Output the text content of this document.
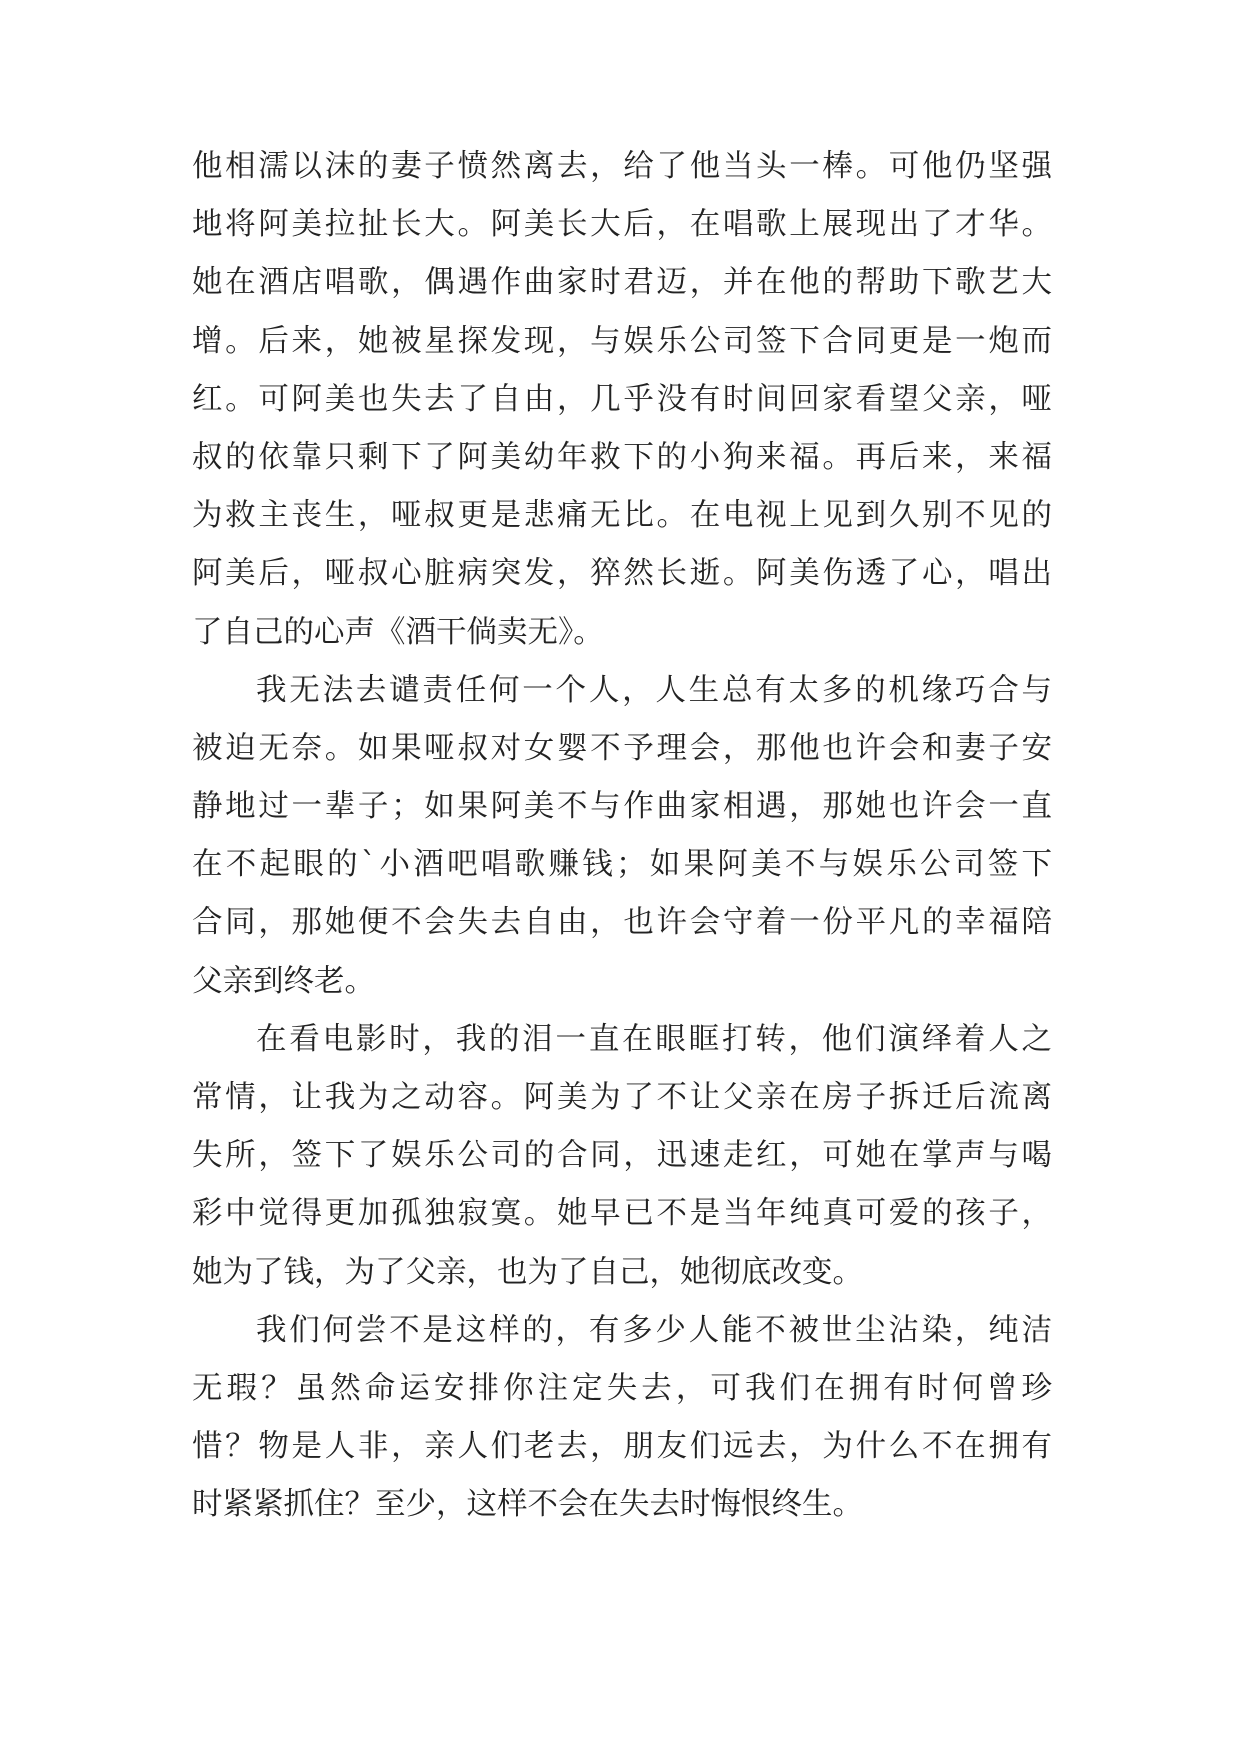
他相濡以沫的妻子愤然离去，给了他当头一棒。可他仍坚强
地将阿美拉扯长大。阿美长大后，在唱歌上展现出了才华。
她在酒店唱歌，偶遇作曲家时君迈，并在他的帮助下歌艺大
增。后来，她被星探发现，与娱乐公司签下合同更是一炮而
红。可阿美也失去了自由，几乎没有时间回家看望父亲，哑
叔的依靠只剩下了阿美幼年救下的小狗来福。再后来，来福
为救主丧生，哑叔更是悲痛无比。在电视上见到久别不见的
阿美后，哑叔心脏病突发，猝然长逝。阿美伤透了心，唱出
了自己的心声《酒干倘卖无》。
我无法去谴责任何一个人，人生总有太多的机缘巧合与
被迫无奈。如果哑叔对女婴不予理会，那他也许会和妻子安
静地过一辈子；如果阿美不与作曲家相遇，那她也许会一直
在不起眼的`小酒吧唱歌赚钱；如果阿美不与娱乐公司签下
合同，那她便不会失去自由，也许会守着一份平凡的幸福陪
父亲到终老。
在看电影时，我的泪一直在眼眶打转，他们演绎着人之
常情，让我为之动容。阿美为了不让父亲在房子拆迁后流离
失所，签下了娱乐公司的合同，迅速走红，可她在掌声与喝
彩中觉得更加孤独寂寞。她早已不是当年纯真可爱的孩子，
她为了钱，为了父亲，也为了自己，她彻底改变。
我们何尝不是这样的，有多少人能不被世尘沾染，纯洁
无瑕？虽然命运安排你注定失去，可我们在拥有时何曾珍
惜？物是人非，亲人们老去，朋友们远去，为什么不在拥有
时紧紧抓住？至少，这样不会在失去时悔恨终生。
